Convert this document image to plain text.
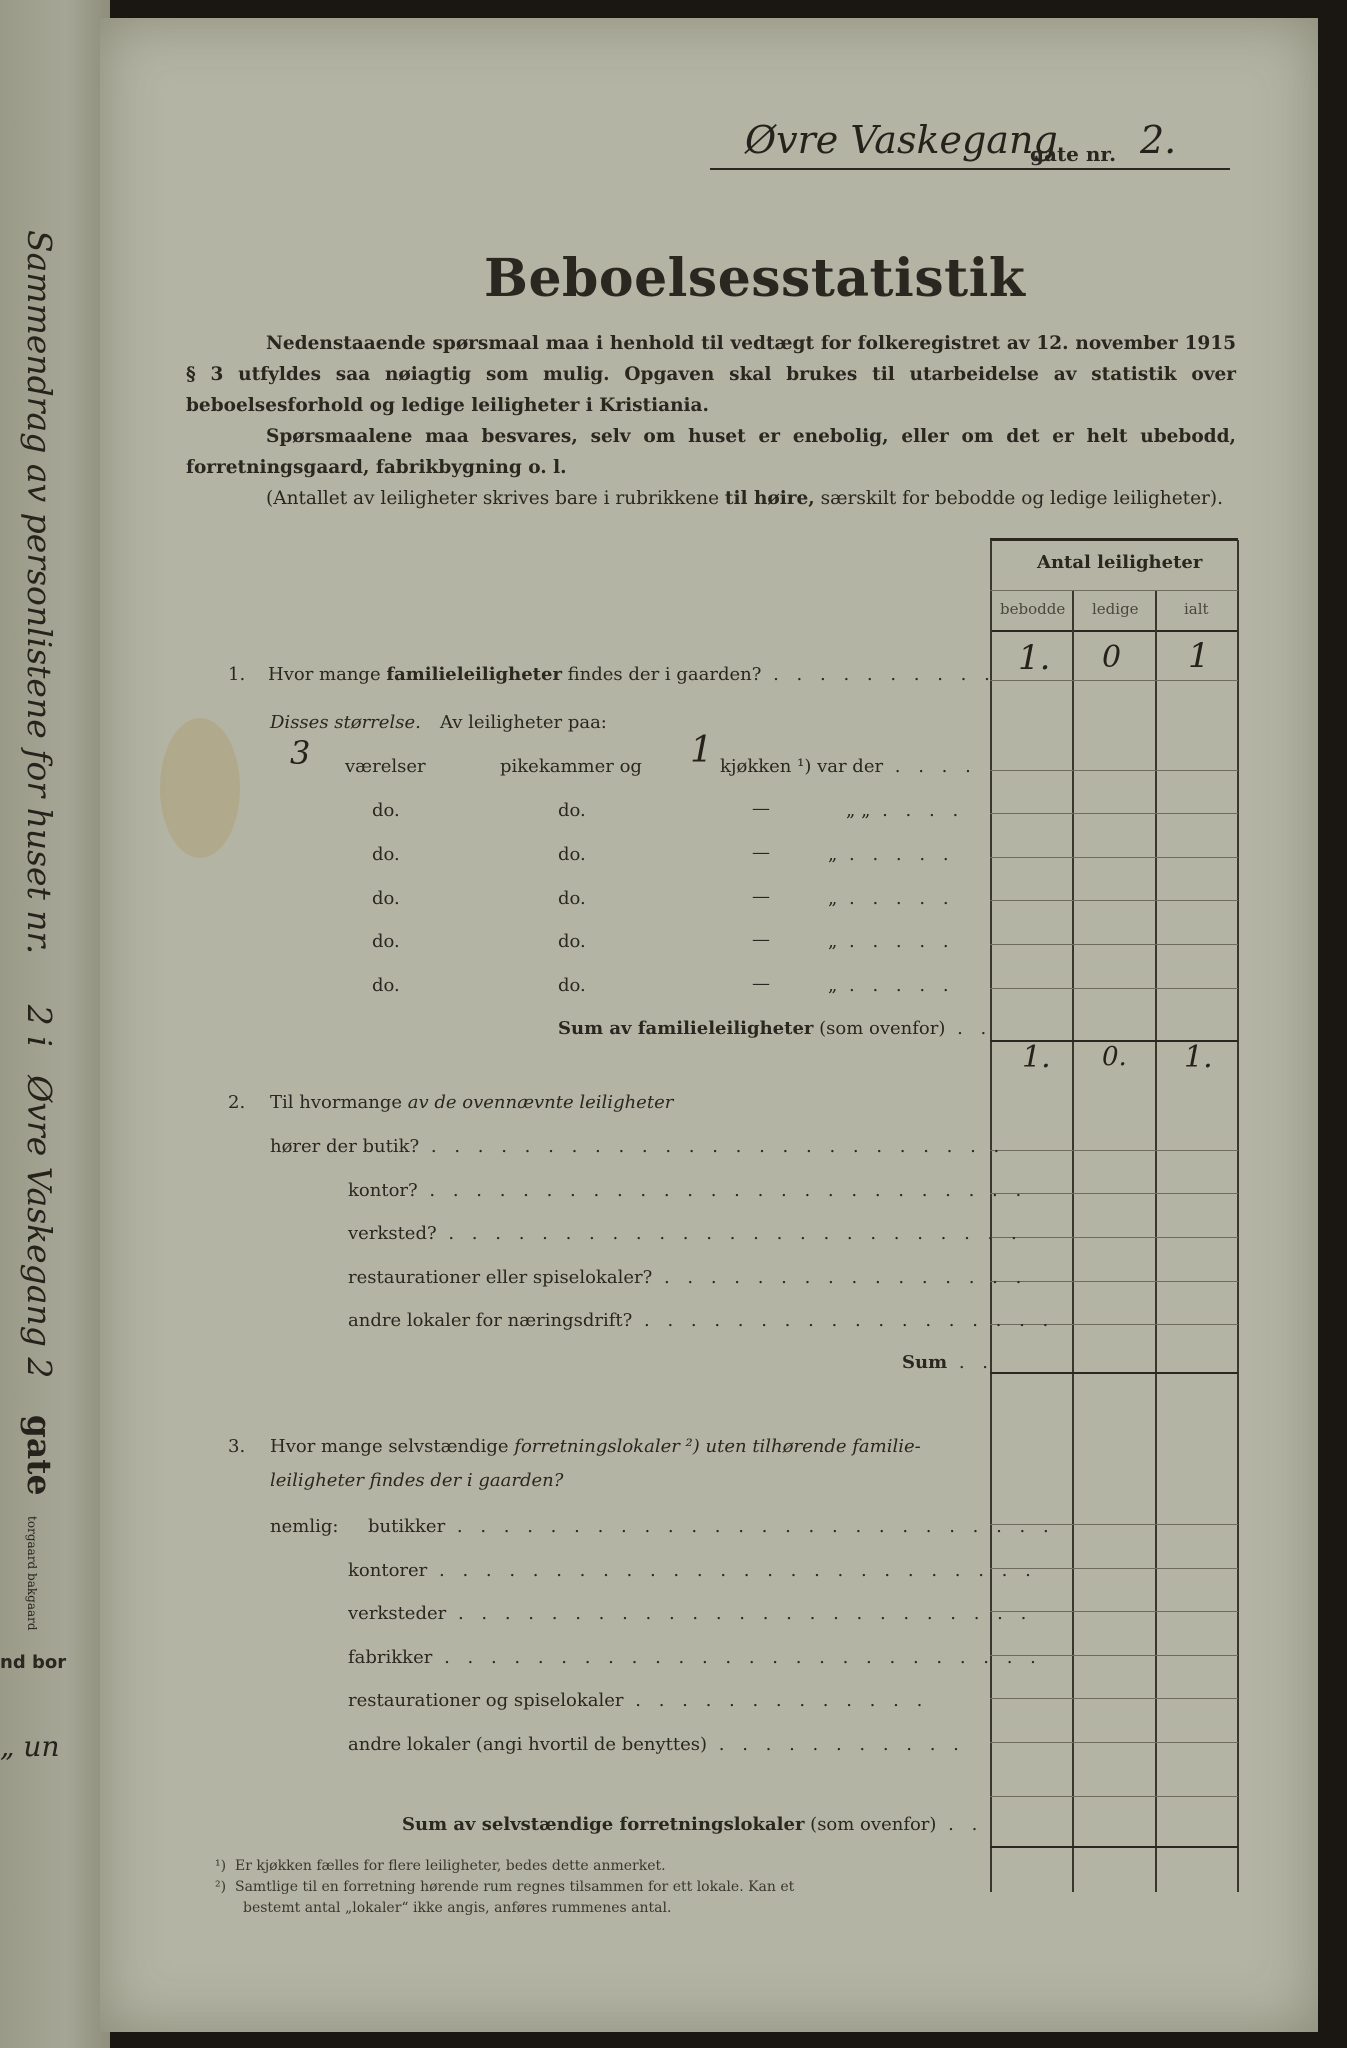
Sammendrag av personlistene for huset nr. 2 i Øvre Vaskegang 2 gate torgaard bakgaard
nd bor
„ un
Øvre Vaskegang
gate nr. 2.
Beboelsesstatistik

Nedenstaaende spørsmaal maa i henhold til vedtægt for folkeregistret av 12. november 1915 § 3 utfyldes saa nøiagtig som mulig. Opgaven skal brukes til utarbeidelse av statistik over beboelsesforhold og ledige leiligheter i Kristiania.

Spørsmaalene maa besvares, selv om huset er enebolig, eller om det er helt ubebodd, forretningsgaard, fabrikbygning o. l.

(Antallet av leiligheter skrives bare i rubrikkene til høire, særskilt for bebodde og ledige leiligheter).

Antal leiligheter
bebodde ledige	ialt
1. Hvor mange familieleiligheter findes der i gaarden? . . . . . . . . . . 1. 0 1
Disses størrelse. Av leiligheter paa:
3 værelser	pikekammer og 1 kjøkken ¹) var der . . . .
do.	do.	—	„ „ . . . .
do.	do.	—	„ . . . . .
do.	do.	—	„ . . . . .
do.	do.	—	„ . . . . .
do.	do.	—	„ . . . . .
Sum av familieleiligheter (som ovenfor) . .
1. 0. 1.
2. Til hvormange av de ovennævnte leiligheter
hører der butik? . . . . . . . . . . . . . . . . . . . . . . . . .
kontor? . . . . . . . . . . . . . . . . . . . . . . . . . .
verksted? . . . . . . . . . . . . . . . . . . . . . . . . .
restaurationer eller spiselokaler? . . . . . . . . . . . . . . . .
andre lokaler for næringsdrift? . . . . . . . . . . . . . . . . . .
Sum . .
3. Hvor mange selvstændige forretningslokaler ²) uten tilhørende familie-
leiligheter findes der i gaarden?
nemlig: butikker . . . . . . . . . . . . . . . . . . . . . . . . . .
kontorer . . . . . . . . . . . . . . . . . . . . . . . . . .
verksteder . . . . . . . . . . . . . . . . . . . . . . . . .
fabrikker . . . . . . . . . . . . . . . . . . . . . . . . . .
restaurationer og spiselokaler . . . . . . . . . . . . .
andre lokaler (angi hvortil de benyttes) . . . . . . . . . . .
Sum av selvstændige forretningslokaler (som ovenfor) . .
¹) Er kjøkken fælles for flere leiligheter, bedes dette anmerket.
²) Samtlige til en forretning hørende rum regnes tilsammen for ett lokale. Kan et
bestemt antal „lokaler“ ikke angis, anføres rummenes antal.
